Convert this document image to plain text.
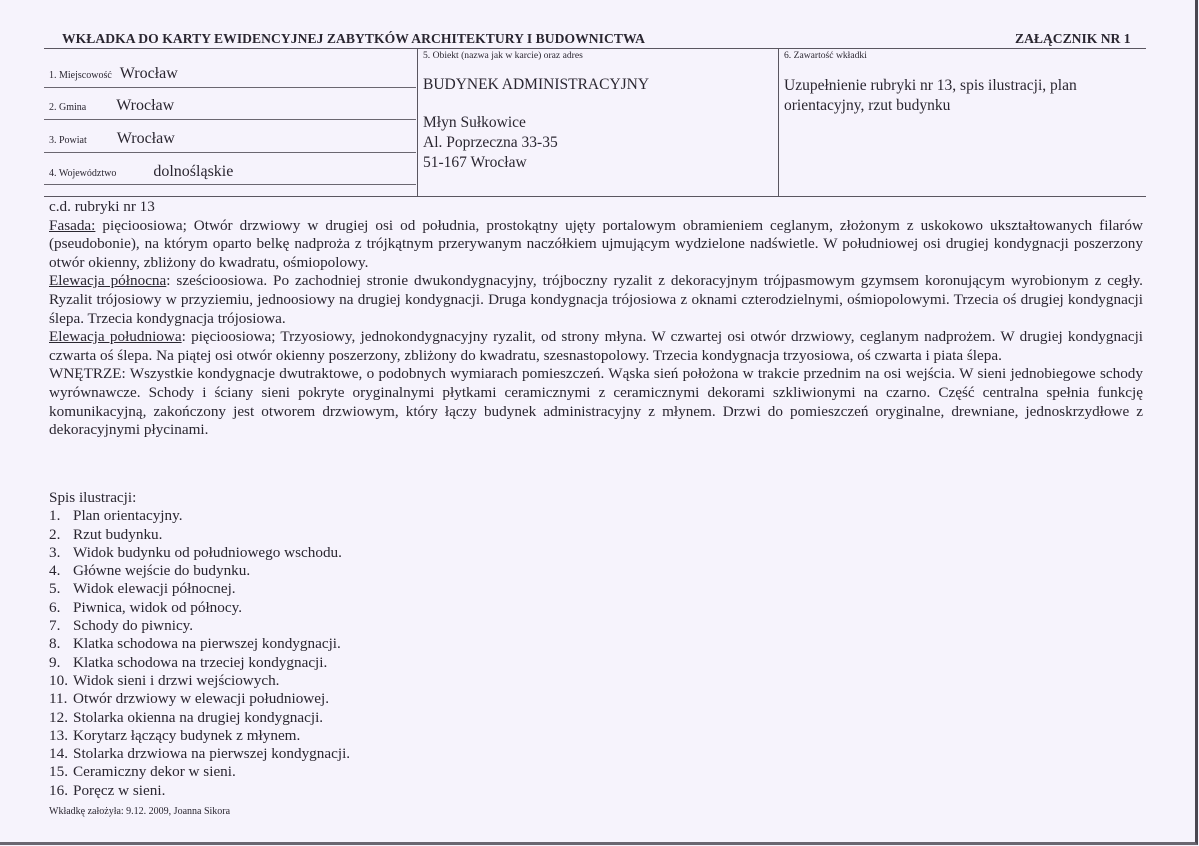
WKŁADKA DO KARTY EWIDENCYJNEJ ZABYTKÓW ARCHITEKTURY I BUDOWNICTWA	ZAŁĄCZNIK NR 1
1. Miejscowość Wrocław
2. Gmina Wrocław
3. Powiat Wrocław
4. Województwo dolnośląskie
5. Obiekt (nazwa jak w karcie) oraz adres
BUDYNEK ADMINISTRACYJNY
Młyn Sułkowice
Al. Poprzeczna 33-35
51-167 Wrocław
6. Zawartość wkładki
Uzupełnienie rubryki nr 13, spis ilustracji, plan orientacyjny, rzut budynku

c.d. rubryki nr 13

Fasada: pięcioosiowa; Otwór drzwiowy w drugiej osi od południa, prostokątny ujęty portalowym obramieniem ceglanym, złożonym z uskokowo ukształtowanych filarów (pseudobonie), na którym oparto belkę nadproża z trójkątnym przerywanym naczółkiem ujmującym wydzielone nadświetle. W południowej osi drugiej kondygnacji poszerzony otwór okienny, zbliżony do kwadratu, ośmiopolowy.

Elewacja północna: sześcioosiowa. Po zachodniej stronie dwukondygnacyjny, trójboczny ryzalit z dekoracyjnym trójpasmowym gzymsem koronującym wyrobionym z cegły. Ryzalit trójosiowy w przyziemiu, jednoosiowy na drugiej kondygnacji. Druga kondygnacja trójosiowa z oknami czterodzielnymi, ośmiopolowymi. Trzecia oś drugiej kondygnacji ślepa. Trzecia kondygnacja trójosiowa.

Elewacja południowa: pięcioosiowa; Trzyosiowy, jednokondygnacyjny ryzalit, od strony młyna. W czwartej osi otwór drzwiowy, ceglanym nadprożem. W drugiej kondygnacji czwarta oś ślepa. Na piątej osi otwór okienny poszerzony, zbliżony do kwadratu, szesnastopolowy. Trzecia kondygnacja trzyosiowa, oś czwarta i piata ślepa.

WNĘTRZE: Wszystkie kondygnacje dwutraktowe, o podobnych wymiarach pomieszczeń. Wąska sień położona w trakcie przednim na osi wejścia. W sieni jednobiegowe schody wyrównawcze. Schody i ściany sieni pokryte oryginalnymi płytkami ceramicznymi z ceramicznymi dekorami szkliwionymi na czarno. Część centralna spełnia funkcję komunikacyjną, zakończony jest otworem drzwiowym, który łączy budynek administracyjny z młynem. Drzwi do pomieszczeń oryginalne, drewniane, jednoskrzydłowe z dekoracyjnymi płycinami.

Spis ilustracji:

1. Plan orientacyjny.
2. Rzut budynku.
3. Widok budynku od południowego wschodu.
4. Główne wejście do budynku.
5. Widok elewacji północnej.
6. Piwnica, widok od północy.
7. Schody do piwnicy.
8. Klatka schodowa na pierwszej kondygnacji.
9. Klatka schodowa na trzeciej kondygnacji.
10. Widok sieni i drzwi wejściowych.
11. Otwór drzwiowy w elewacji południowej.
12. Stolarka okienna na drugiej kondygnacji.
13. Korytarz łączący budynek z młynem.
14. Stolarka drzwiowa na pierwszej kondygnacji.
15. Ceramiczny dekor w sieni.
16. Poręcz w sieni.
Wkładkę założyła: 9.12. 2009, Joanna Sikora
